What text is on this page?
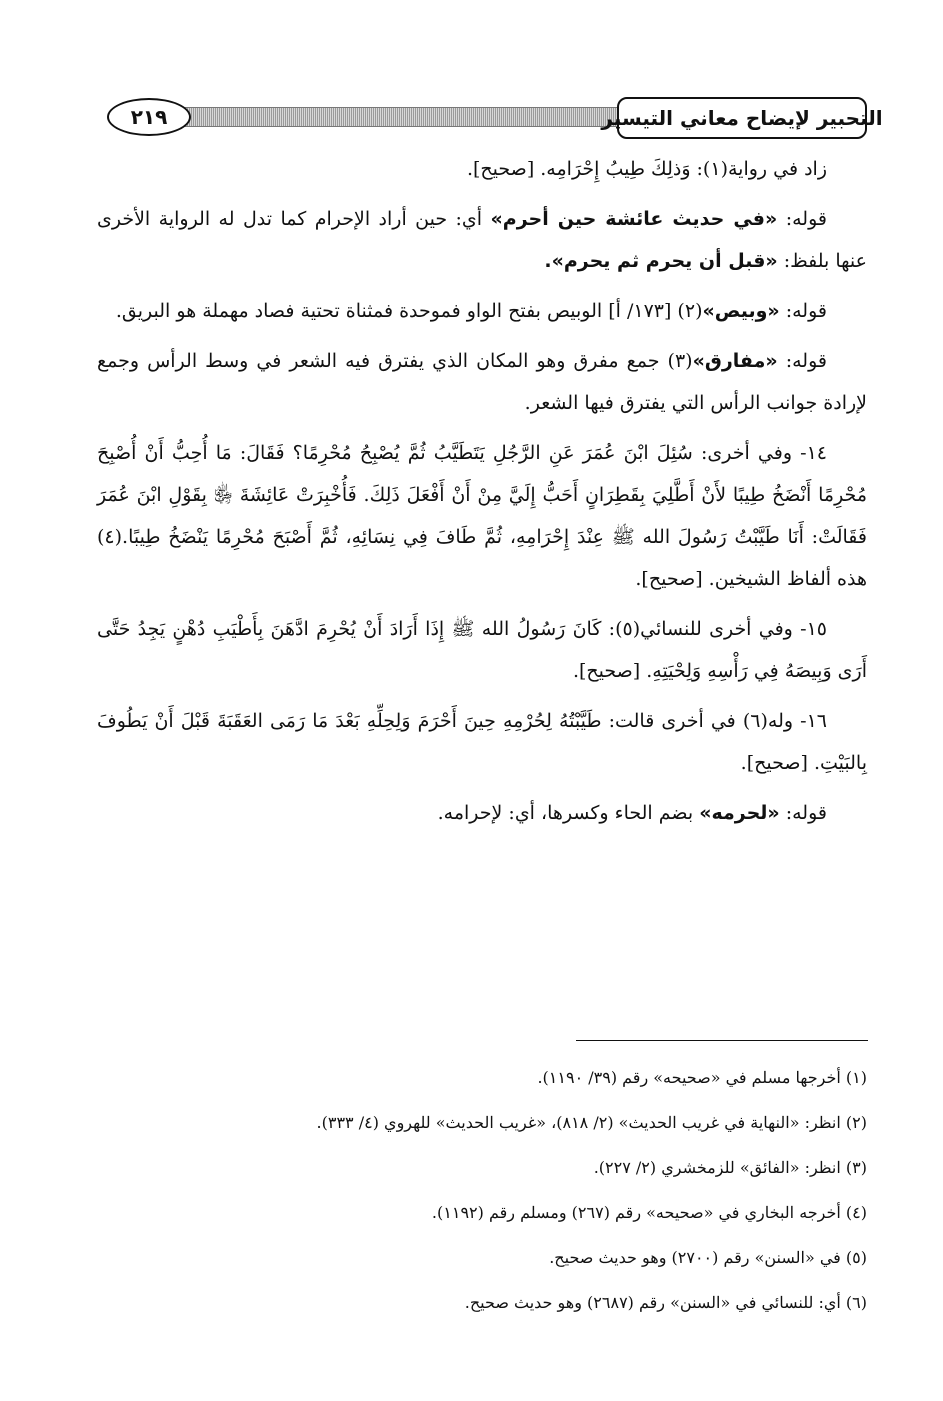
التحبير لإيضاح معاني التيسير
٢١٩

زاد في رواية(١): وَذلِكَ طِيبُ إِحْرَامِه. [صحيح].

قوله: «في حديث عائشة حين أحرم» أي: حين أراد الإحرام كما تدل له الرواية الأخرى عنها بلفظ: «قبل أن يحرم ثم يحرم».

قوله: «وبيص»(٢) [١٧٣/ أ] الوبيص بفتح الواو فموحدة فمثناة تحتية فصاد مهملة هو البريق.

قوله: «مفارق»(٣) جمع مفرق وهو المكان الذي يفترق فيه الشعر في وسط الرأس وجمع لإرادة جوانب الرأس التي يفترق فيها الشعر.

١٤- وفي أخرى: سُئِلَ ابْنَ عُمَرَ عَنِ الرَّجُلِ يَتَطَيَّبُ ثُمَّ يُصْبِحُ مُحْرِمًا؟ فَقَالَ: مَا أُحِبُّ أَنْ أُصْبِحَ مُحْرِمًا أَنْضَخُ طِيبًا لأَنْ أَطَّلِيَ بِقَطِرَانٍ أَحَبُّ إِلَيَّ مِنْ أَنْ أَفْعَلَ ذَلِكَ. فَأُخْبِرَتْ عَائِشَةَ ﵂ بِقَوْلِ ابْنَ عُمَرَ فَقَالَتْ: أَنَا طَيَّبْتُ رَسُولَ الله ﷺ عِنْدَ إِحْرَامِهِ، ثُمَّ طَافَ فِي نِسَائِهِ، ثُمَّ أَصْبَحَ مُحْرِمًا يَنْضَخُ طِيبًا.(٤) هذه ألفاظ الشيخين. [صحيح].

١٥- وفي أخرى للنسائي(٥): كَانَ رَسُولُ الله ﷺ إِذَا أَرَادَ أَنْ يُحْرِمَ ادَّهَنَ بِأَطْيَبِ دُهْنٍ يَجِدُ حَتَّى أَرَى وَبِيصَهُ فِي رَأْسِهِ وَلِحْيَتِهِ. [صحيح].

١٦- وله(٦) في أخرى قالت: طَيَّبْتُهُ لِحُرْمِهِ حِينَ أَحْرَمَ وَلِحِلِّهِ بَعْدَ مَا رَمَى العَقَبَةَ قَبْلَ أَنْ يَطُوفَ بِالبَيْتِ. [صحيح].

قوله: «لحرمه» بضم الحاء وكسرها، أي: لإحرامه.

(١) أخرجها مسلم في «صحيحه» رقم (٣٩/ ١١٩٠).

(٢) انظر: «النهاية في غريب الحديث» (٢/ ٨١٨)، «غريب الحديث» للهروي (٤/ ٣٣٣).

(٣) انظر: «الفائق» للزمخشري (٢/ ٢٢٧).

(٤) أخرجه البخاري في «صحيحه» رقم (٢٦٧) ومسلم رقم (١١٩٢).

(٥) في «السنن» رقم (٢٧٠٠) وهو حديث صحيح.

(٦) أي: للنسائي في «السنن» رقم (٢٦٨٧) وهو حديث صحيح.
